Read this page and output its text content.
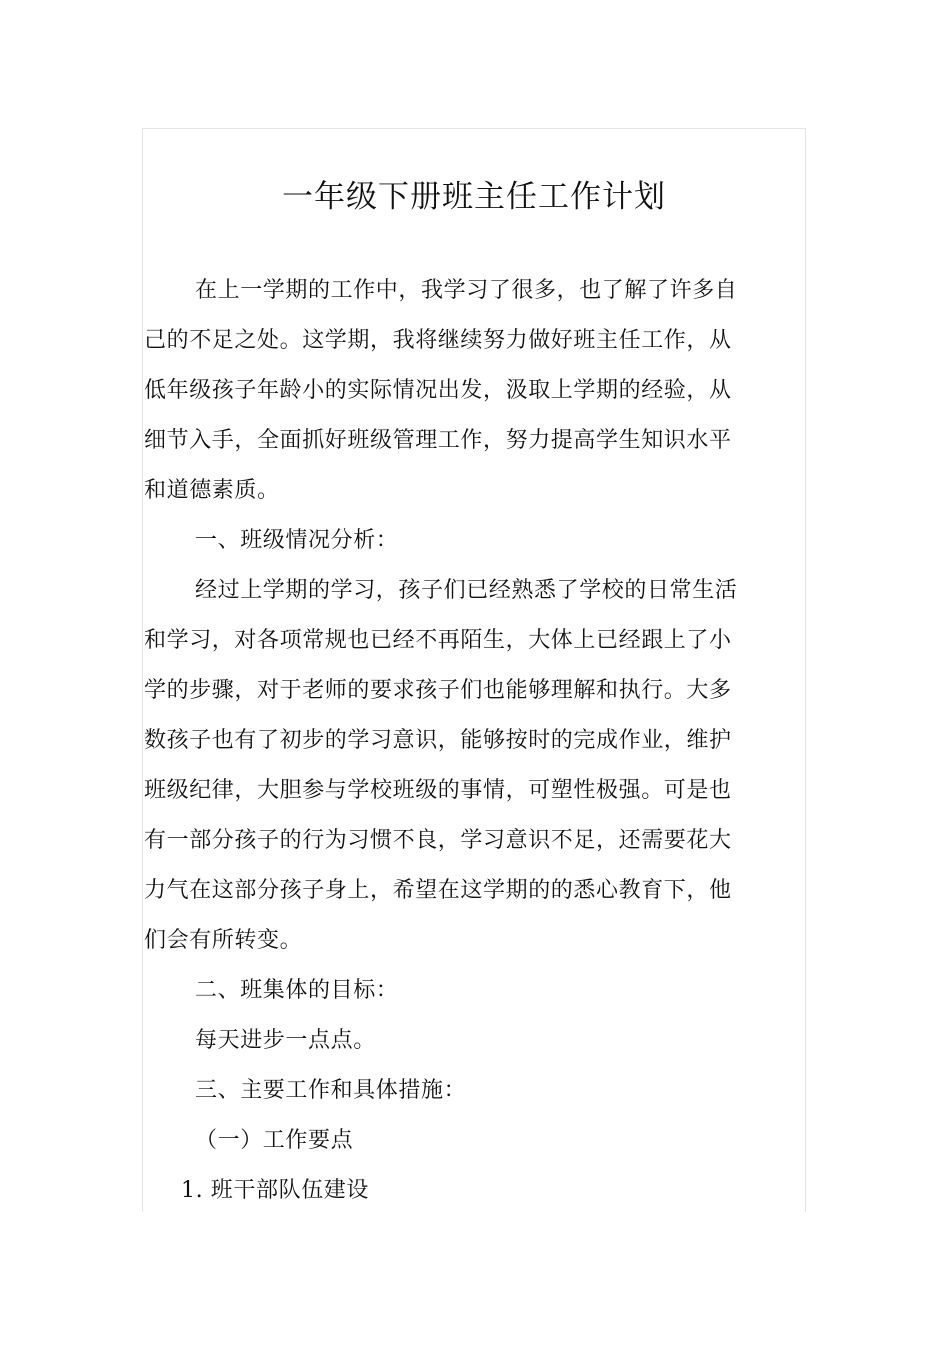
一年级下册班主任工作计划
在上一学期的工作中，我学习了很多，也了解了许多自
己的不足之处。这学期，我将继续努力做好班主任工作，从
低年级孩子年龄小的实际情况出发，汲取上学期的经验，从
细节入手，全面抓好班级管理工作，努力提高学生知识水平
和道德素质。
一、班级情况分析：
经过上学期的学习，孩子们已经熟悉了学校的日常生活
和学习，对各项常规也已经不再陌生，大体上已经跟上了小
学的步骤，对于老师的要求孩子们也能够理解和执行。大多
数孩子也有了初步的学习意识，能够按时的完成作业，维护
班级纪律，大胆参与学校班级的事情，可塑性极强。可是也
有一部分孩子的行为习惯不良，学习意识不足，还需要花大
力气在这部分孩子身上，希望在这学期的的悉心教育下，他
们会有所转变。
二、班集体的目标：
每天进步一点点。
三、主要工作和具体措施：
（一）工作要点
1. 班干部队伍建设
